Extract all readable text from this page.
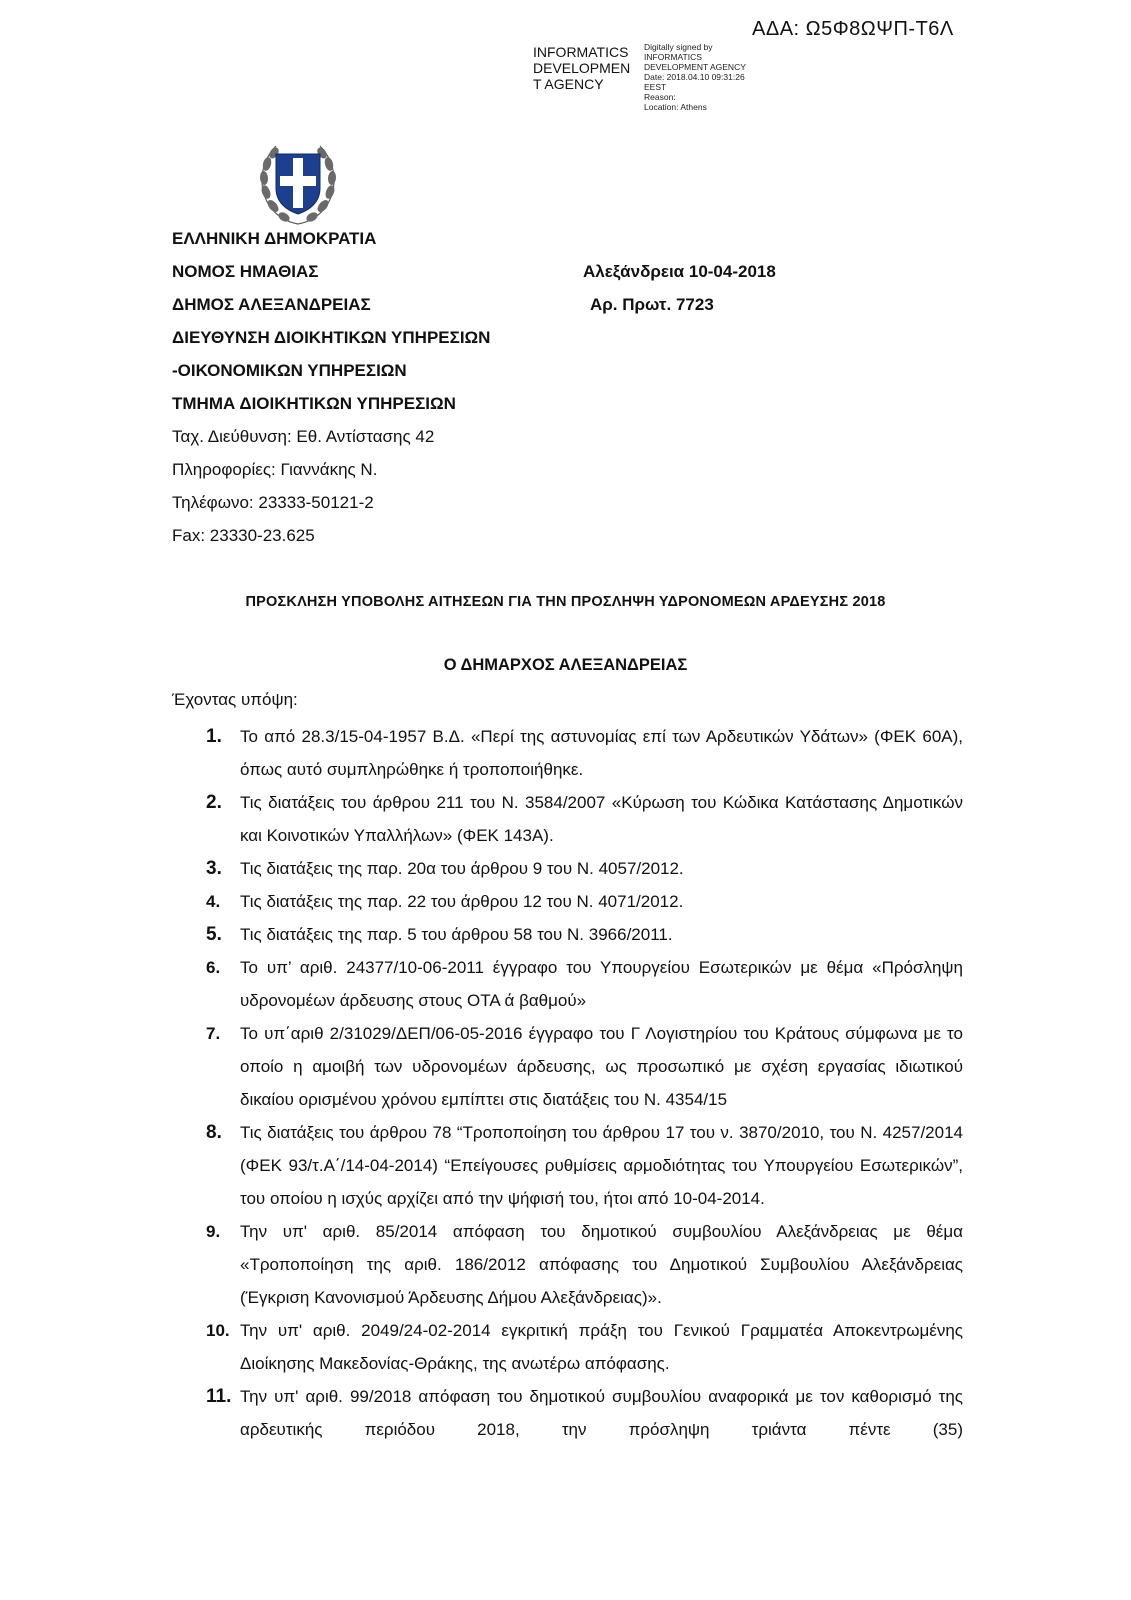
ΑΔΑ: Ω5Φ8ΩΨΠ-Τ6Λ
INFORMATICS
DEVELOPMEN
T AGENCY
Digitally signed by
INFORMATICS
DEVELOPMENT AGENCY
Date: 2018.04.10 09:31:26
EEST
Reason:
Location: Athens
ΕΛΛΗΝΙΚΗ ΔΗΜΟΚΡΑΤΙΑ
ΝΟΜΟΣ ΗΜΑΘΙΑΣ
ΔΗΜΟΣ ΑΛΕΞΑΝΔΡΕΙΑΣ
ΔΙΕΥΘΥΝΣΗ ΔΙΟΙΚΗΤΙΚΩΝ ΥΠΗΡΕΣΙΩΝ
-ΟΙΚΟΝΟΜΙΚΩΝ ΥΠΗΡΕΣΙΩΝ
ΤΜΗΜΑ ΔΙΟΙΚΗΤΙΚΩΝ ΥΠΗΡΕΣΙΩΝ
Ταχ. Διεύθυνση: Εθ. Αντίστασης 42
Πληροφορίες: Γιαννάκης Ν.
Τηλέφωνο: 23333-50121-2
Fax: 23330-23.625
Αλεξάνδρεια 10-04-2018
Αρ. Πρωτ. 7723
ΠΡΟΣΚΛΗΣΗ ΥΠΟΒΟΛΗΣ ΑΙΤΗΣΕΩΝ ΓΙΑ ΤΗΝ ΠΡΟΣΛΗΨΗ ΥΔΡΟΝΟΜΕΩΝ ΑΡΔΕΥΣΗΣ 2018
Ο ΔΗΜΑΡΧΟΣ ΑΛΕΞΑΝΔΡΕΙΑΣ
Έχοντας υπόψη:
1. Το από 28.3/15-04-1957 Β.Δ. «Περί της αστυνομίας επί των Αρδευτικών Υδάτων» (ΦΕΚ 60Α), όπως αυτό συμπληρώθηκε ή τροποποιήθηκε.
2. Τις διατάξεις του άρθρου 211 του Ν. 3584/2007 «Κύρωση του Κώδικα Κατάστασης Δημοτικών και Κοινοτικών Υπαλλήλων» (ΦΕΚ 143Α).
3. Τις διατάξεις της παρ. 20α του άρθρου 9 του Ν. 4057/2012.
4. Τις διατάξεις της παρ. 22 του άρθρου 12 του Ν. 4071/2012.
5. Τις διατάξεις της παρ. 5 του άρθρου 58 του Ν. 3966/2011.
6. Το υπ’ αριθ. 24377/10-06-2011 έγγραφο του Υπουργείου Εσωτερικών με θέμα «Πρόσληψη υδρονομέων άρδευσης στους ΟΤΑ ά βαθμού»
7. Το υπ΄αριθ 2/31029/ΔΕΠ/06-05-2016 έγγραφο του Γ Λογιστηρίου του Κράτους σύμφωνα με το οποίο η αμοιβή των υδρονομέων άρδευσης, ως προσωπικό με σχέση εργασίας ιδιωτικού δικαίου ορισμένου χρόνου εμπίπτει στις διατάξεις του Ν. 4354/15
8. Τις διατάξεις του άρθρου 78 “Τροποποίηση του άρθρου 17 του ν. 3870/2010, του Ν. 4257/2014 (ΦΕΚ 93/τ.Α΄/14-04-2014) “Επείγουσες ρυθμίσεις αρμοδιότητας του Υπουργείου Εσωτερικών”, του οποίου η ισχύς αρχίζει από την ψήφισή του, ήτοι από 10-04-2014.
9. Την υπ' αριθ. 85/2014 απόφαση του δημοτικού συμβουλίου Αλεξάνδρειας με θέμα «Τροποποίηση της αριθ. 186/2012 απόφασης του Δημοτικού Συμβουλίου Αλεξάνδρειας (Έγκριση Κανονισμού Άρδευσης Δήμου Αλεξάνδρειας)».
10. Την υπ' αριθ. 2049/24-02-2014 εγκριτική πράξη του Γενικού Γραμματέα Αποκεντρωμένης Διοίκησης Μακεδονίας-Θράκης, της ανωτέρω απόφασης.
11. Την υπ' αριθ. 99/2018 απόφαση του δημοτικού συμβουλίου αναφορικά με τον καθορισμό της αρδευτικής περιόδου 2018, την πρόσληψη τριάντα πέντε (35)
